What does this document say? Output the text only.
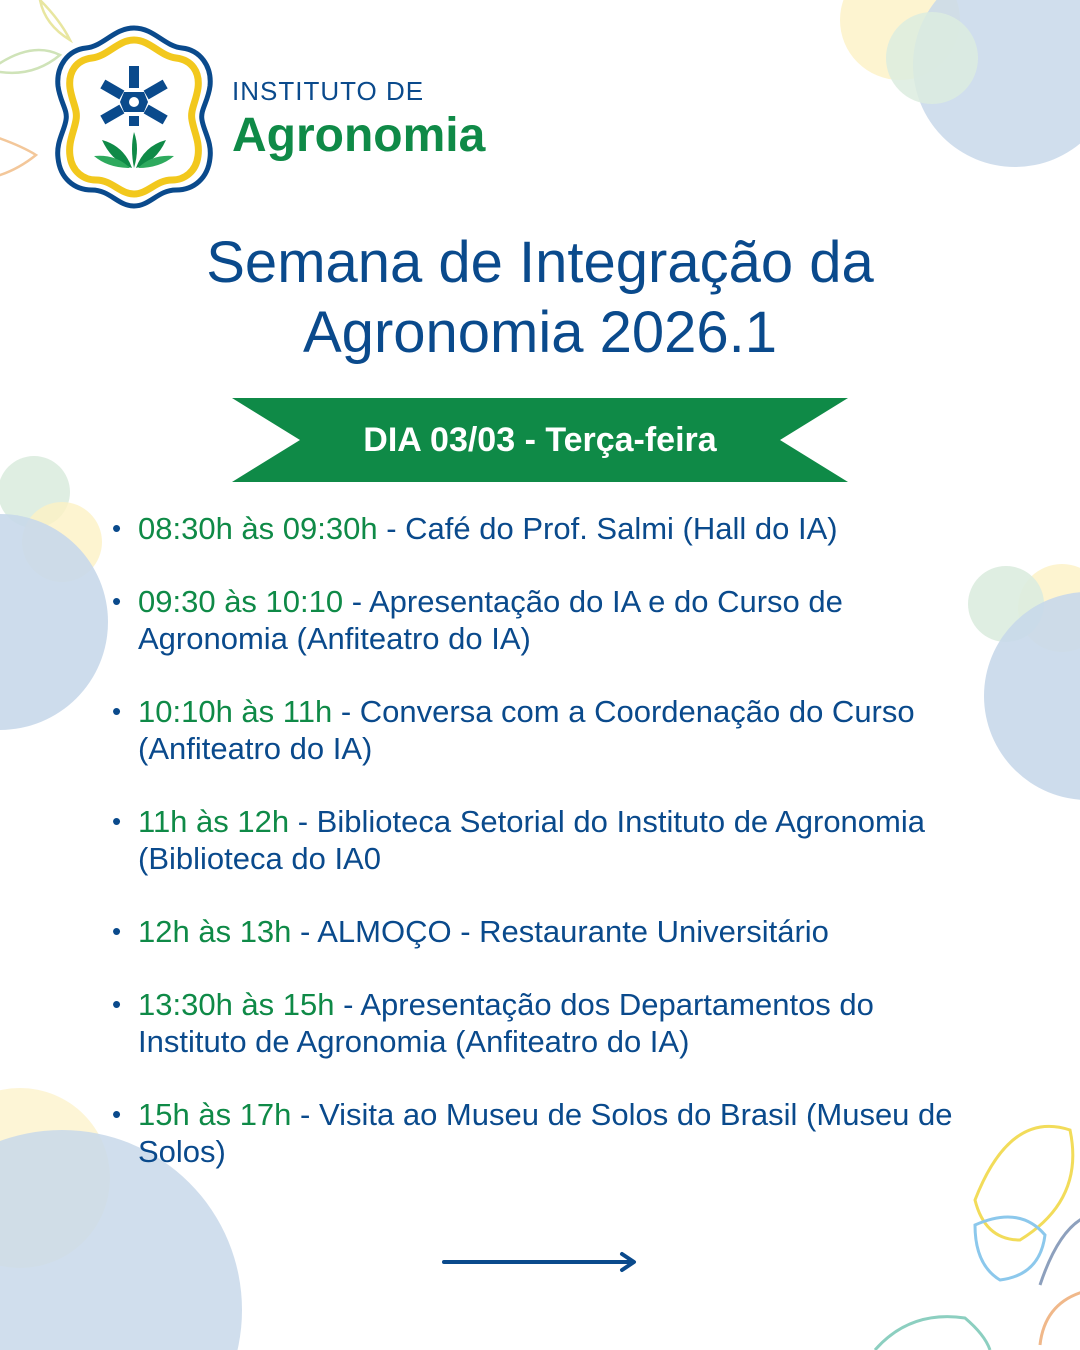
INSTITUTO DE
Agronomia
Semana de Integração da
Agronomia 2026.1
DIA 03/03 - Terça-feira
• 08:30h às 09:30h - Café do Prof. Salmi (Hall do IA)
• 09:30 às 10:10 - Apresentação do IA e do Curso de Agronomia (Anfiteatro do IA)
• 10:10h às 11h - Conversa com a Coordenação do Curso (Anfiteatro do IA)
• 11h às 12h - Biblioteca Setorial do Instituto de Agronomia (Biblioteca do IA0
• 12h às 13h - ALMOÇO - Restaurante Universitário
• 13:30h às 15h - Apresentação dos Departamentos do Instituto de Agronomia (Anfiteatro do IA)
• 15h às 17h - Visita ao Museu de Solos do Brasil (Museu de Solos)
